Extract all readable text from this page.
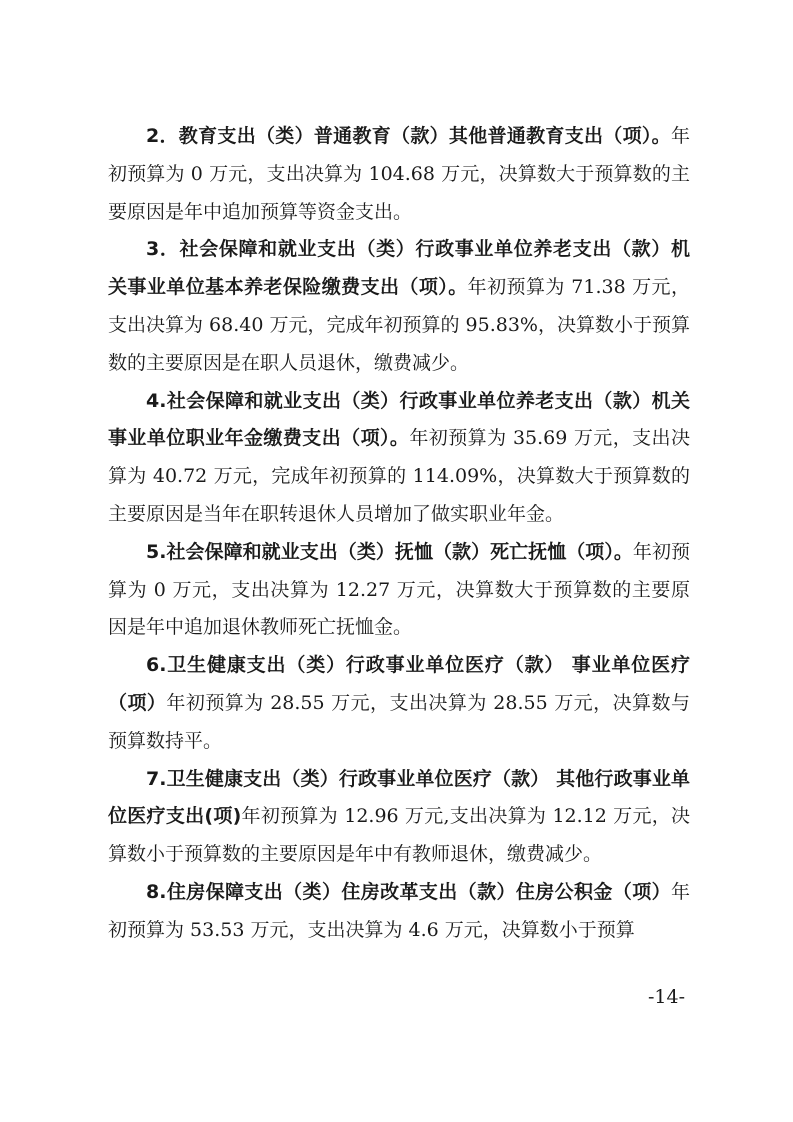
2．教育支出（类）普通教育（款）其他普通教育支出（项）。年初预算为 0 万元，支出决算为 104.68 万元，决算数大于预算数的主要原因是年中追加预算等资金支出。

3．社会保障和就业支出（类）行政事业单位养老支出（款）机关事业单位基本养老保险缴费支出（项）。年初预算为 71.38 万元，支出决算为 68.40 万元，完成年初预算的 95.83%，决算数小于预算数的主要原因是在职人员退休，缴费减少。

4.社会保障和就业支出（类）行政事业单位养老支出（款）机关事业单位职业年金缴费支出（项）。年初预算为 35.69 万元，支出决算为 40.72 万元，完成年初预算的 114.09%，决算数大于预算数的主要原因是当年在职转退休人员增加了做实职业年金。

5.社会保障和就业支出（类）抚恤（款）死亡抚恤（项）。年初预算为 0 万元，支出决算为 12.27 万元，决算数大于预算数的主要原因是年中追加退休教师死亡抚恤金。

6.卫生健康支出（类）行政事业单位医疗（款） 事业单位医疗（项）年初预算为 28.55 万元，支出决算为 28.55 万元，决算数与预算数持平。

7.卫生健康支出（类）行政事业单位医疗（款） 其他行政事业单位医疗支出(项)年初预算为 12.96 万元,支出决算为 12.12 万元，决算数小于预算数的主要原因是年中有教师退休，缴费减少。

8.住房保障支出（类）住房改革支出（款）住房公积金（项）年初预算为 53.53 万元，支出决算为 4.6 万元，决算数小于预算

-14-
